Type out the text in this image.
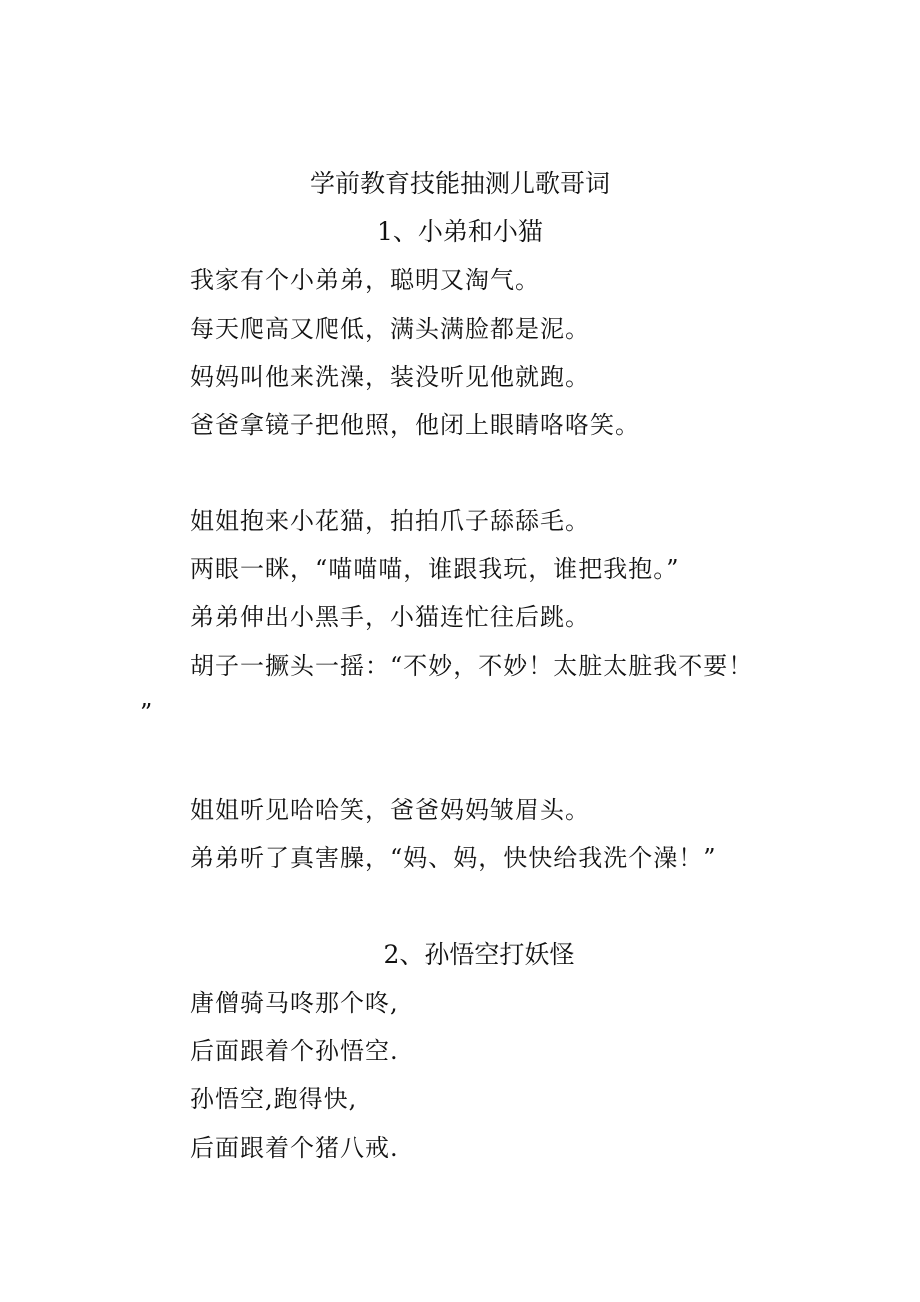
学前教育技能抽测儿歌哥词
1、小弟和小猫
我家有个小弟弟，聪明又淘气。
每天爬高又爬低，满头满脸都是泥。
妈妈叫他来洗澡，装没听见他就跑。
爸爸拿镜子把他照，他闭上眼睛咯咯笑。
姐姐抱来小花猫，拍拍爪子舔舔毛。
两眼一眯，“喵喵喵，谁跟我玩，谁把我抱。”
弟弟伸出小黑手，小猫连忙往后跳。
胡子一撅头一摇：“不妙，不妙！太脏太脏我不要！
”
姐姐听见哈哈笑，爸爸妈妈皱眉头。
弟弟听了真害臊，“妈、妈，快快给我洗个澡！”
2、孙悟空打妖怪
唐僧骑马咚那个咚,
后面跟着个孙悟空.
孙悟空,跑得快,
后面跟着个猪八戒.
